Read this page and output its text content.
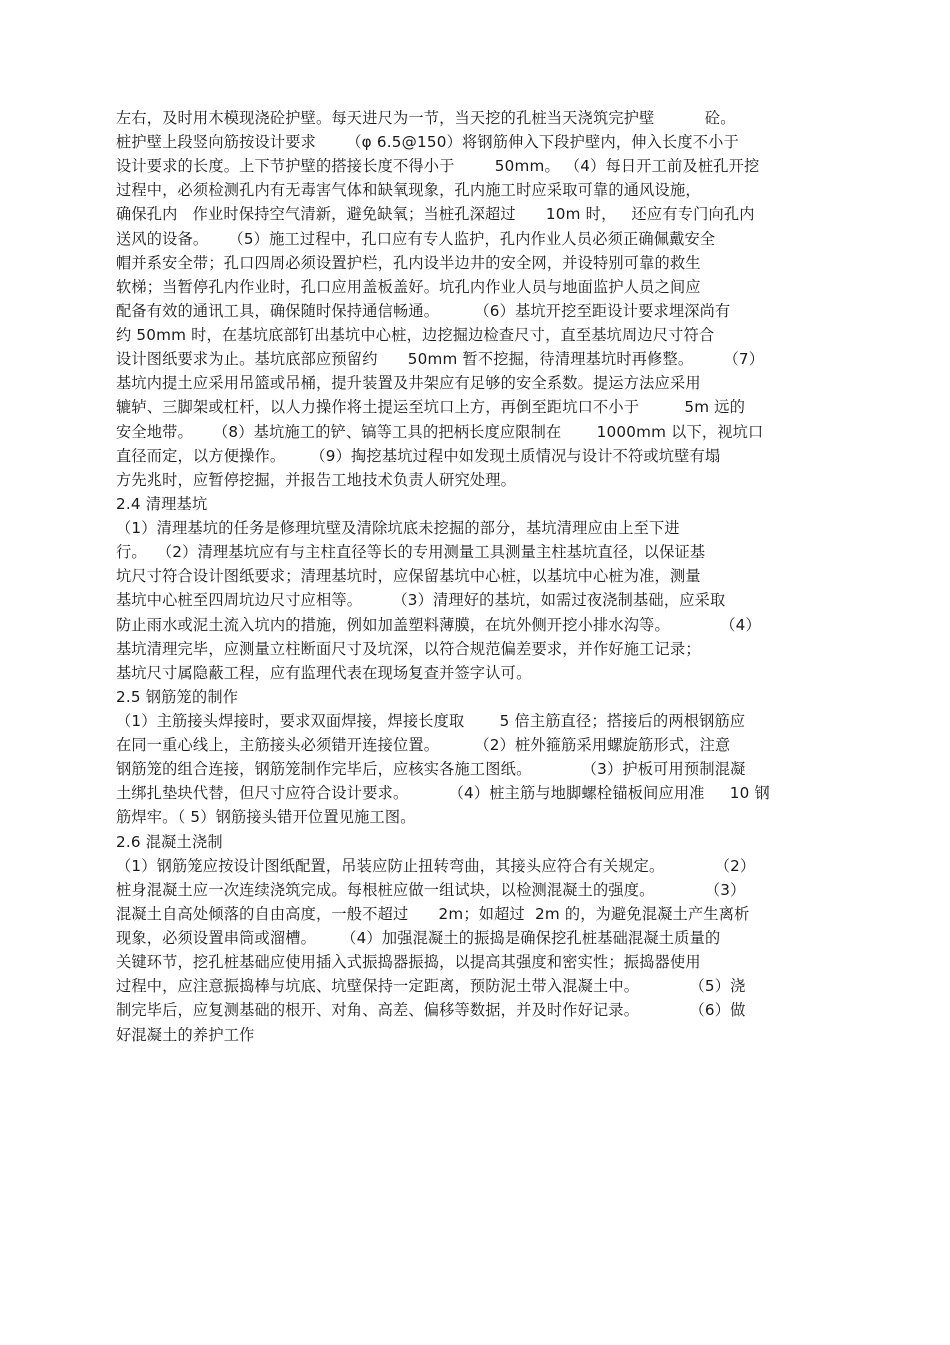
左右，及时用木模现浇砼护壁。每天进尺为一节，当天挖的孔桩当天浇筑完护壁          砼。
桩护壁上段竖向筋按设计要求      （φ 6.5@150）将钢筋伸入下段护壁内，伸入长度不小于
设计要求的长度。上下节护壁的搭接长度不得小于        50mm。 （4）每日开工前及桩孔开挖
过程中，必须检测孔内有无毒害气体和缺氧现象，孔内施工时应采取可靠的通风设施，
确保孔内   作业时保持空气清新，避免缺氧；当桩孔深超过      10m 时，   还应有专门向孔内
送风的设备。    （5）施工过程中，孔口应有专人监护，孔内作业人员必须正确佩戴安全
帽并系安全带；孔口四周必须设置护栏，孔内设半边井的安全网，并设特别可靠的救生
软梯；当暂停孔内作业时，孔口应用盖板盖好。坑孔内作业人员与地面监护人员之间应
配备有效的通讯工具，确保随时保持通信畅通。       （6）基坑开挖至距设计要求埋深尚有
约 50mm 时，在基坑底部钉出基坑中心桩，边挖掘边检查尺寸，直至基坑周边尺寸符合
设计图纸要求为止。基坑底部应预留约      50mm 暂不挖掘，待清理基坑时再修整。      （7）
基坑内提土应采用吊篮或吊桶，提升装置及井架应有足够的安全系数。提运方法应采用
辘轳、三脚架或杠杆，以人力操作将土提运至坑口上方，再倒至距坑口不小于         5m 远的
安全地带。    （8）基坑施工的铲、镐等工具的把柄长度应限制在       1000mm 以下，视坑口
直径而定，以方便操作。     （9）掏挖基坑过程中如发现土质情况与设计不符或坑壁有塌
方先兆时，应暂停挖掘，并报告工地技术负责人研究处理。
2.4 清理基坑
（1）清理基坑的任务是修理坑壁及清除坑底未挖掘的部分，基坑清理应由上至下进
行。  （2）清理基坑应有与主柱直径等长的专用测量工具测量主柱基坑直径，以保证基
坑尺寸符合设计图纸要求；清理基坑时，应保留基坑中心桩，以基坑中心桩为准，测量
基坑中心桩至四周坑边尺寸应相等。      （3）清理好的基坑，如需过夜浇制基础，应采取
防止雨水或泥土流入坑内的措施，例如加盖塑料薄膜，在坑外侧开挖小排水沟等。          （4）
基坑清理完毕，应测量立柱断面尺寸及坑深，以符合规范偏差要求，并作好施工记录；
基坑尺寸属隐蔽工程，应有监理代表在现场复查并签字认可。
2.5 钢筋笼的制作
（1）主筋接头焊接时，要求双面焊接，焊接长度取       5 倍主筋直径；搭接后的两根钢筋应
在同一重心线上，主筋接头必须错开连接位置。       （2）桩外箍筋采用螺旋筋形式，注意
钢筋笼的组合连接，钢筋笼制作完毕后，应核实各施工图纸。          （3）护板可用预制混凝
土绑扎垫块代替，但尺寸应符合设计要求。        （4）桩主筋与地脚螺栓锚板间应用准     10 钢
筋焊牢。（ 5）钢筋接头错开位置见施工图。
2.6 混凝土浇制
（1）钢筋笼应按设计图纸配置，吊装应防止扭转弯曲，其接头应符合有关规定。          （2）
桩身混凝土应一次连续浇筑完成。每根桩应做一组试块，以检测混凝土的强度。          （3）
混凝土自高处倾落的自由高度，一般不超过      2m；如超过  2m 的，为避免混凝土产生离析
现象，必须设置串筒或溜槽。     （4）加强混凝土的振捣是确保挖孔桩基础混凝土质量的
关键环节，挖孔桩基础应使用插入式振捣器振捣，以提高其强度和密实性；振捣器使用
过程中，应注意振捣棒与坑底、坑壁保持一定距离，预防泥土带入混凝土中。          （5）浇
制完毕后，应复测基础的根开、对角、高差、偏移等数据，并及时作好记录。          （6）做
好混凝土的养护工作
